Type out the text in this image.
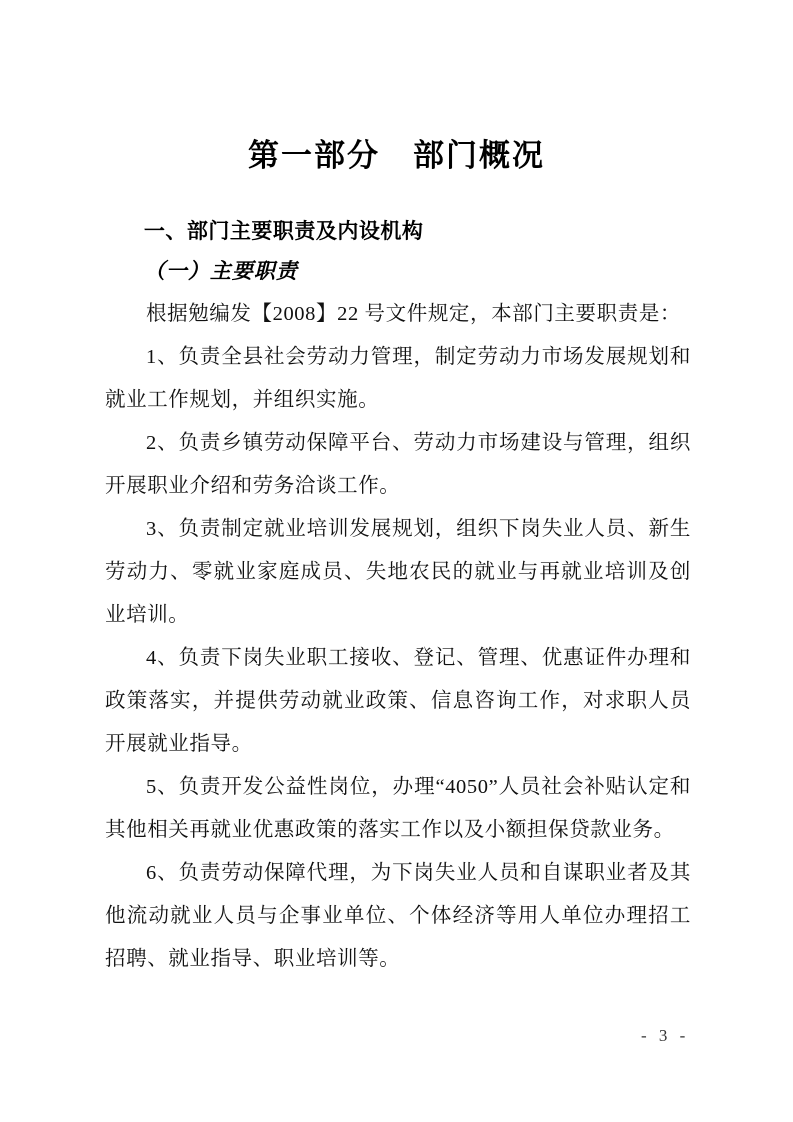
第一部分　部门概况
一、部门主要职责及内设机构
（一）主要职责

根据勉编发【2008】22 号文件规定，本部门主要职责是：

1、负责全县社会劳动力管理，制定劳动力市场发展规划和就业工作规划，并组织实施。

2、负责乡镇劳动保障平台、劳动力市场建设与管理，组织开展职业介绍和劳务洽谈工作。

3、负责制定就业培训发展规划，组织下岗失业人员、新生劳动力、零就业家庭成员、失地农民的就业与再就业培训及创业培训。

4、负责下岗失业职工接收、登记、管理、优惠证件办理和政策落实，并提供劳动就业政策、信息咨询工作，对求职人员开展就业指导。

5、负责开发公益性岗位，办理“4050”人员社会补贴认定和其他相关再就业优惠政策的落实工作以及小额担保贷款业务。

6、负责劳动保障代理，为下岗失业人员和自谋职业者及其他流动就业人员与企事业单位、个体经济等用人单位办理招工招聘、就业指导、职业培训等。

- 3 -
